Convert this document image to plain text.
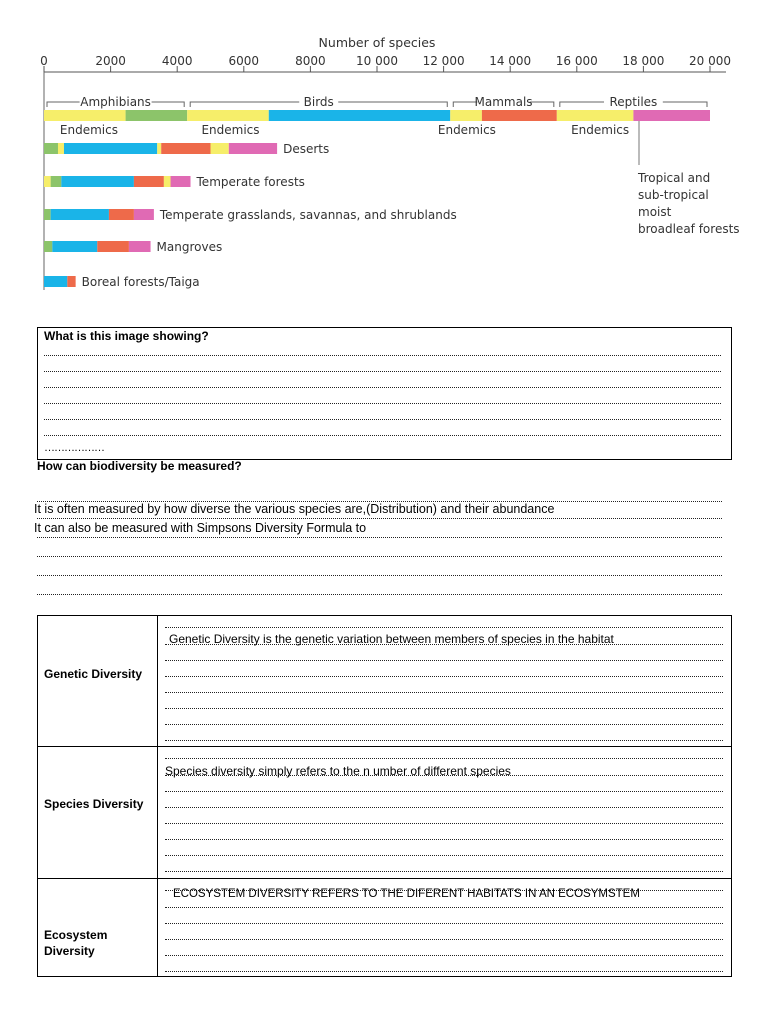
Number of species
0	2000	4000	6000	8000	10 000 12 000 14 000 16 000 18 000 20 000
Amphibians	Birds	Mammals	Reptiles
Endemics	Endemics	Endemics	Endemics
Tropical and
sub-tropical
moist
broadleaf forests
Deserts
Temperate forests
Temperate grasslands, savannas, and shrublands
Mangroves
Boreal forests/Taiga
What is this image showing?
………………
How can biodiversity be measured?
It is often measured by how diverse the various species are,(Distribution) and their abundance
It can also be measured with Simpsons Diversity Formula to
Genetic Diversity
Genetic Diversity is the genetic variation between members of species in the habitat
Species Diversity
Species diversity simply refers to the n umber of different species
Ecosystem Diversity
ECOSYSTEM DIVERSITY REFERS TO THE DIFERENT HABITATS IN AN ECOSYMSTEM
